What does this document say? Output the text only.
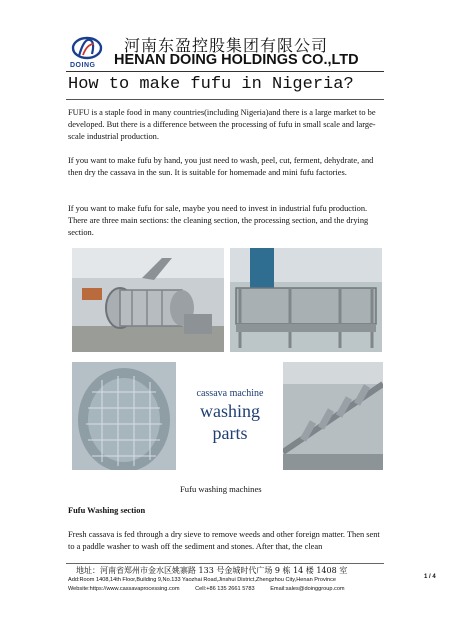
DOING
河南东盈控股集团有限公司
HENAN DOING HOLDINGS CO.,LTD
How to make fufu in Nigeria?
FUFU is a staple food in many countries(including Nigeria)and there is a large market to be developed. But there is a difference between the processing of fufu in small scale and large-scale industrial production.
If you want to make fufu by hand, you just need to wash, peel, cut, ferment, dehydrate, and then dry the cassava in the sun. It is suitable for homemade and mini fufu factories.
If you want to make fufu for sale, maybe you need to invest in industrial fufu production. There are three main sections: the cleaning section, the processing section, and the drying section.
cassava machine
washing
parts
Fufu washing machines
Fufu Washing section
Fresh cassava is fed through a dry sieve to remove weeds and other foreign matter. Then sent to a paddle washer to wash off the sediment and stones. After that, the clean
地址：河南省郑州市金水区姚寨路 133 号金城时代广场 9 栋 14 楼 1408 室
Add:Room 1408,14th Floor,Building 9,No.133 Yaozhai Road,Jinshui District,Zhengzhou City,Henan Province
Website:https://www.cassavaprocessing.com	Cell:+86 135 2661 5783	Email:sales@doinggroup.com
1 / 4
